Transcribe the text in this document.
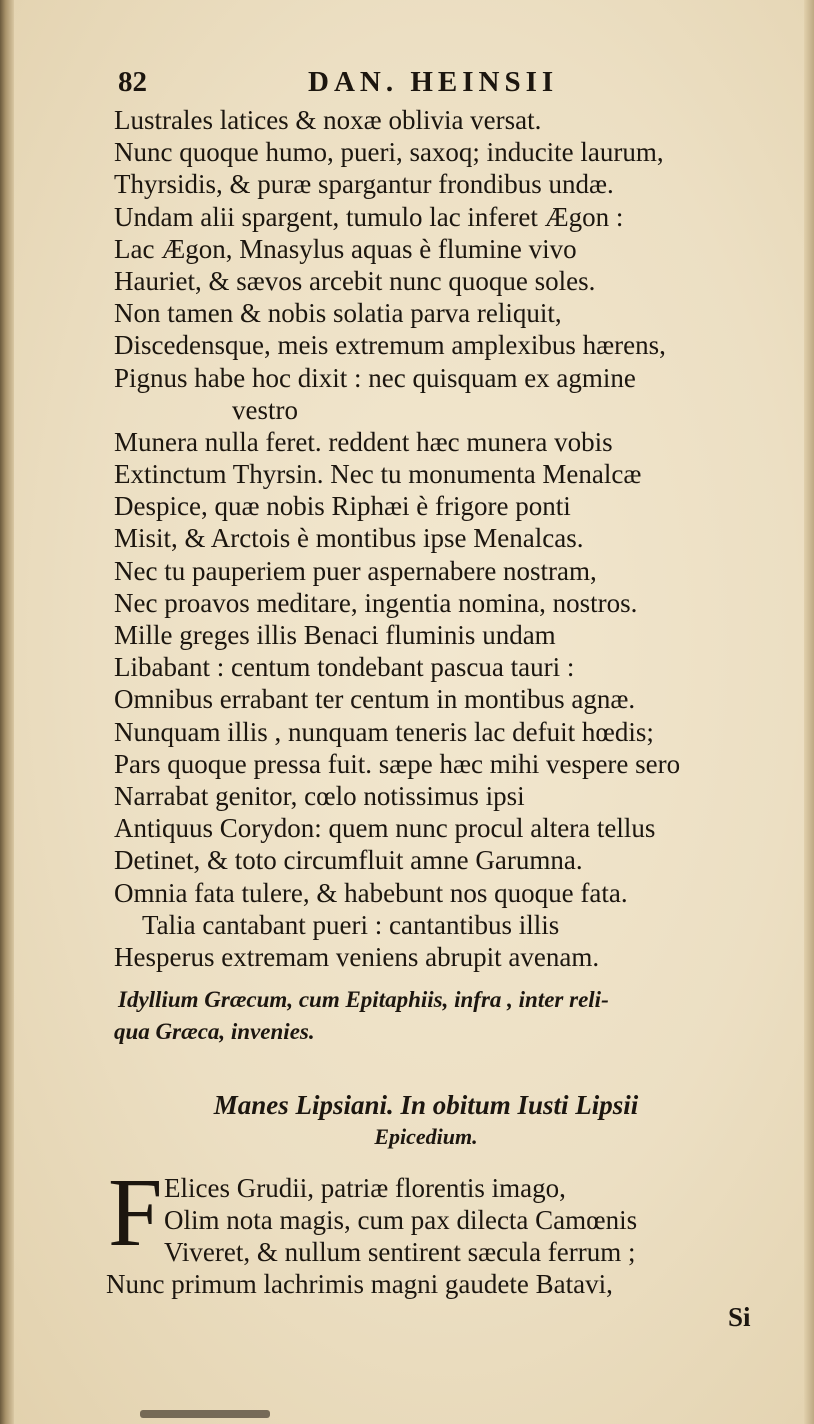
82	DAN. HEINSII
Lustrales latices & noxæ oblivia versat.
Nunc quoque humo, pueri, saxoq; inducite laurum,
Thyrsidis, & puræ spargantur frondibus undæ.
Undam alii spargent, tumulo lac inferet Ægon :
Lac Ægon, Mnasylus aquas è flumine vivo
Hauriet, & sævos arcebit nunc quoque soles.
Non tamen & nobis solatia parva reliquit,
Discedensque, meis extremum amplexibus hærens,
Pignus habe hoc dixit : nec quisquam ex agmine
vestro
Munera nulla feret. reddent hæc munera vobis
Extinctum Thyrsin. Nec tu monumenta Menalcæ
Despice, quæ nobis Riphæi è frigore ponti
Misit, & Arctois è montibus ipse Menalcas.
Nec tu pauperiem puer aspernabere nostram,
Nec proavos meditare, ingentia nomina, nostros.
Mille greges illis Benaci fluminis undam
Libabant : centum tondebant pascua tauri :
Omnibus errabant ter centum in montibus agnæ.
Nunquam illis , nunquam teneris lac defuit hœdis;
Pars quoque pressa fuit. sæpe hæc mihi vespere sero
Narrabat genitor, cœlo notissimus ipsi
Antiquus Corydon: quem nunc procul altera tellus
Detinet, & toto circumfluit amne Garumna.
Omnia fata tulere, & habebunt nos quoque fata.
Talia cantabant pueri : cantantibus illis
Hesperus extremam veniens abrupit avenam.
Idyllium Græcum, cum Epitaphiis, infra , inter reli-
qua Græca, invenies.
Manes Lipsiani. In obitum Iusti Lipsii
Epicedium.
F Elices Grudii, patriæ florentis imago,
Olim nota magis, cum pax dilecta Camœnis
Viveret, & nullum sentirent sæcula ferrum ;
Nunc primum lachrimis magni gaudete Batavi,
Si
